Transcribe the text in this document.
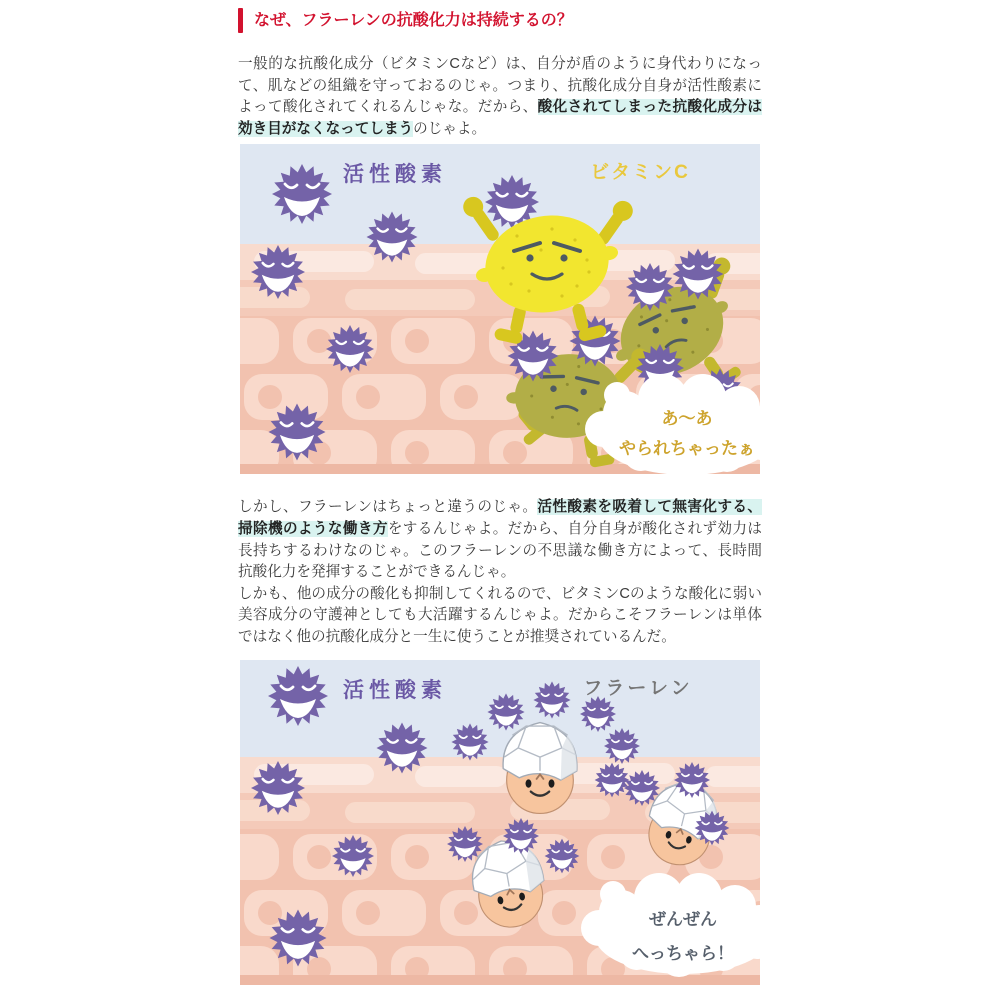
なぜ、フラーレンの抗酸化力は持続するの？
一般的な抗酸化成分（ビタミンCなど）は、自分が盾のように身代わりになって、肌などの組織を守っておるのじゃ。つまり、抗酸化成分自身が活性酸素によって酸化されてくれるんじゃな。だから、酸化されてしまった抗酸化成分は効き目がなくなってしまうのじゃよ。
活性酸素	ビタミンC
あ〜あ
やられちゃったぁ
しかし、フラーレンはちょっと違うのじゃ。活性酸素を吸着して無害化する、掃除機のような働き方をするんじゃよ。だから、自分自身が酸化されず効力は長持ちするわけなのじゃ。このフラーレンの不思議な働き方によって、長時間抗酸化力を発揮することができるんじゃ。
しかも、他の成分の酸化も抑制してくれるので、ビタミンCのような酸化に弱い美容成分の守護神としても大活躍するんじゃよ。だからこそフラーレンは単体ではなく他の抗酸化成分と一生に使うことが推奨されているんだ。
活性酸素	フラーレン
ぜんぜん
へっちゃら！
